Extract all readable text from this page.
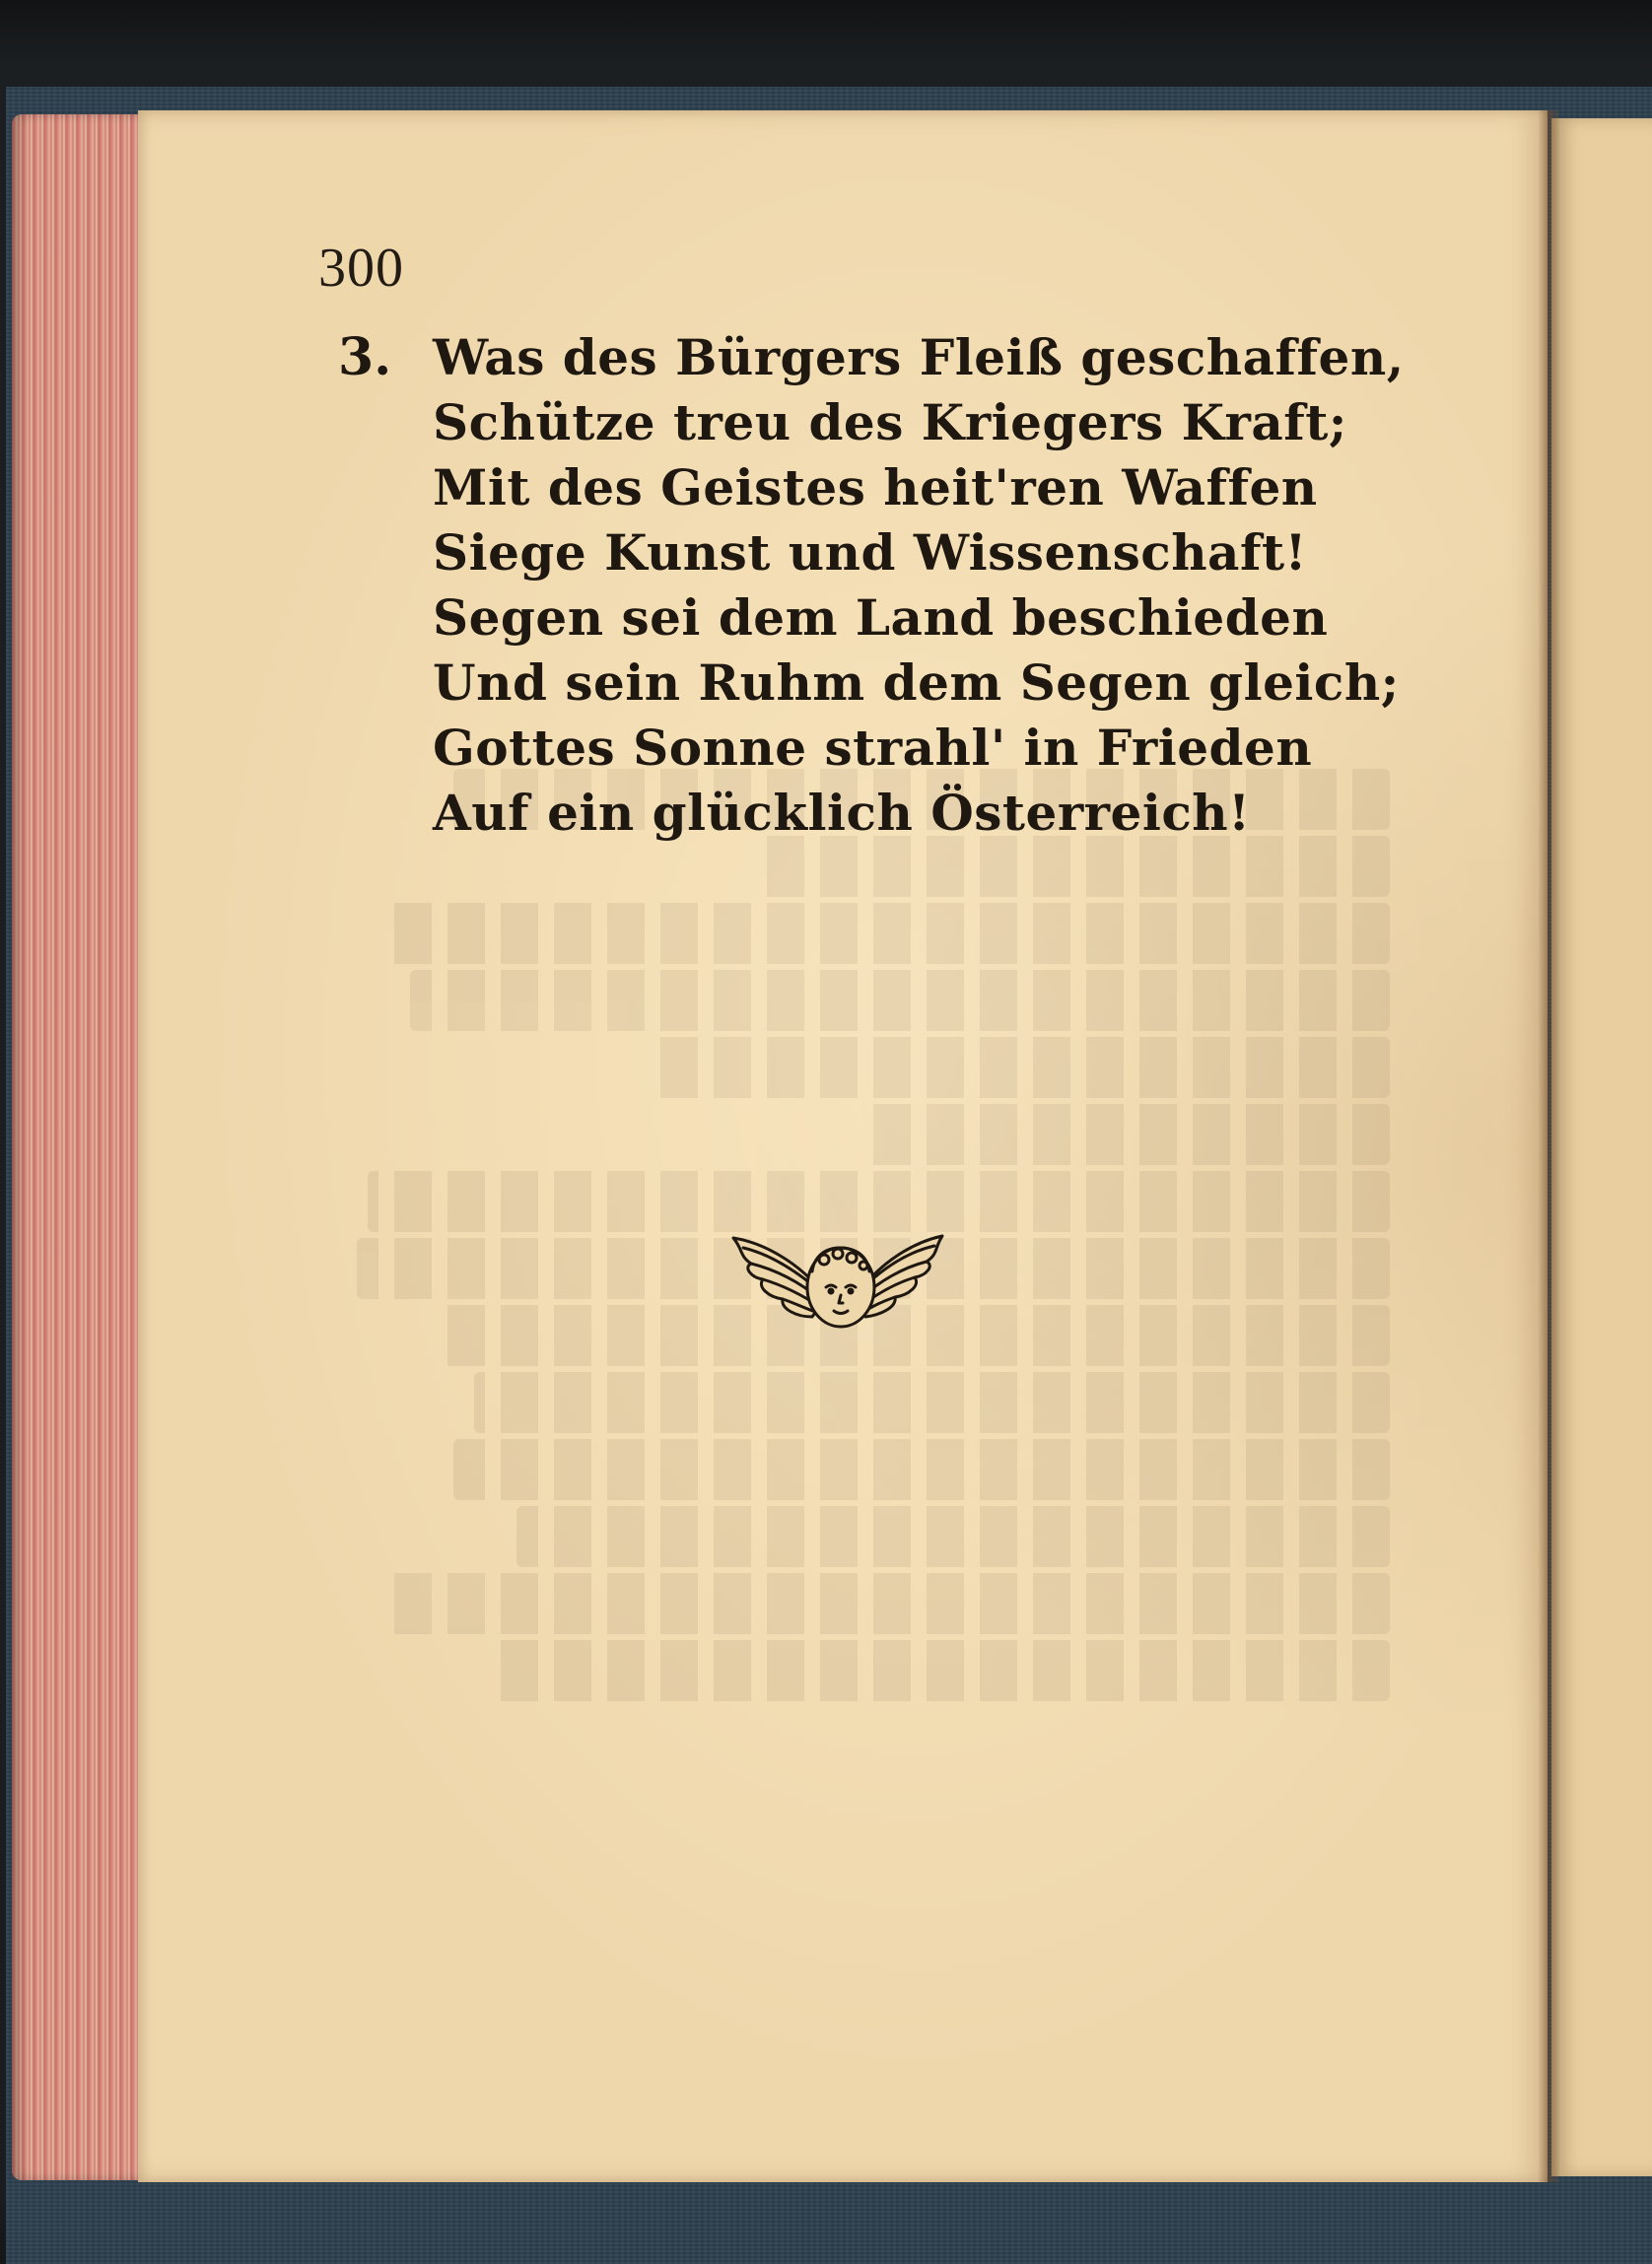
300
3. Was des Bürgers Fleiß geschaffen,
Schütze treu des Kriegers Kraft;
Mit des Geistes heit'ren Waffen
Siege Kunst und Wissenschaft!
Segen sei dem Land beschieden
Und sein Ruhm dem Segen gleich;
Gottes Sonne strahl' in Frieden
Auf ein glücklich Österreich!
